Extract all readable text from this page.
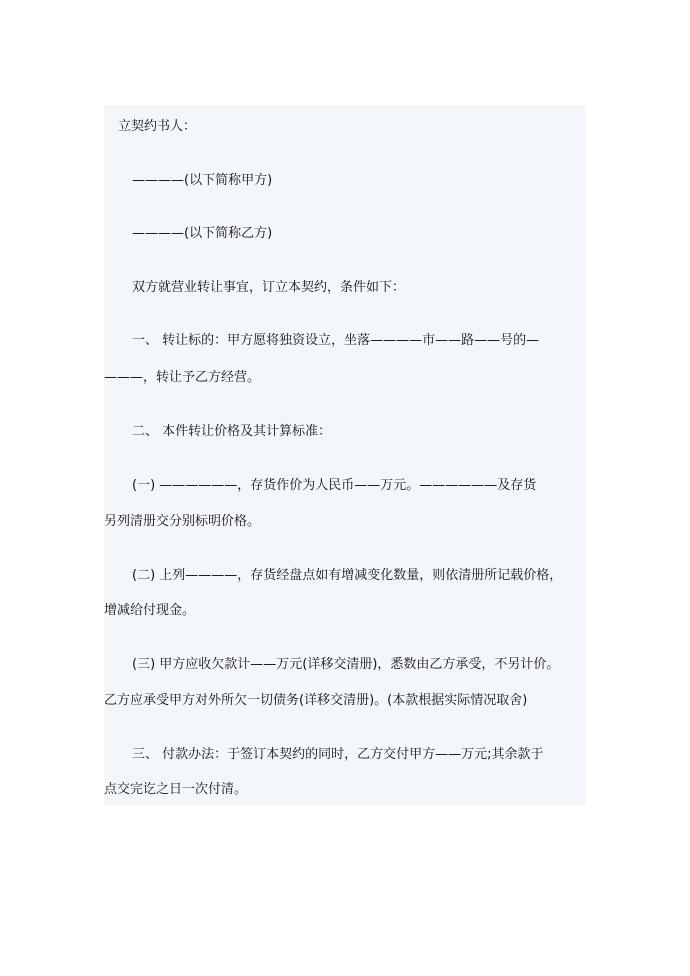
立契约书人：
————(以下简称甲方)
————(以下简称乙方)
双方就营业转让事宜，订立本契约，条件如下：
一、 转让标的：甲方愿将独资设立，坐落————市——路——号的—
———，转让予乙方经营。
二、 本件转让价格及其计算标准：
(一) ——————，存货作价为人民币——万元。——————及存货
另列清册交分别标明价格。
(二) 上列————，存货经盘点如有增减变化数量，则依清册所记载价格，
增减给付现金。
(三) 甲方应收欠款计——万元(详移交清册)，悉数由乙方承受，不另计价。
乙方应承受甲方对外所欠一切债务(详移交清册)。(本款根据实际情况取舍)
三、 付款办法：于签订本契约的同时，乙方交付甲方——万元;其余款于
点交完讫之日一次付清。
